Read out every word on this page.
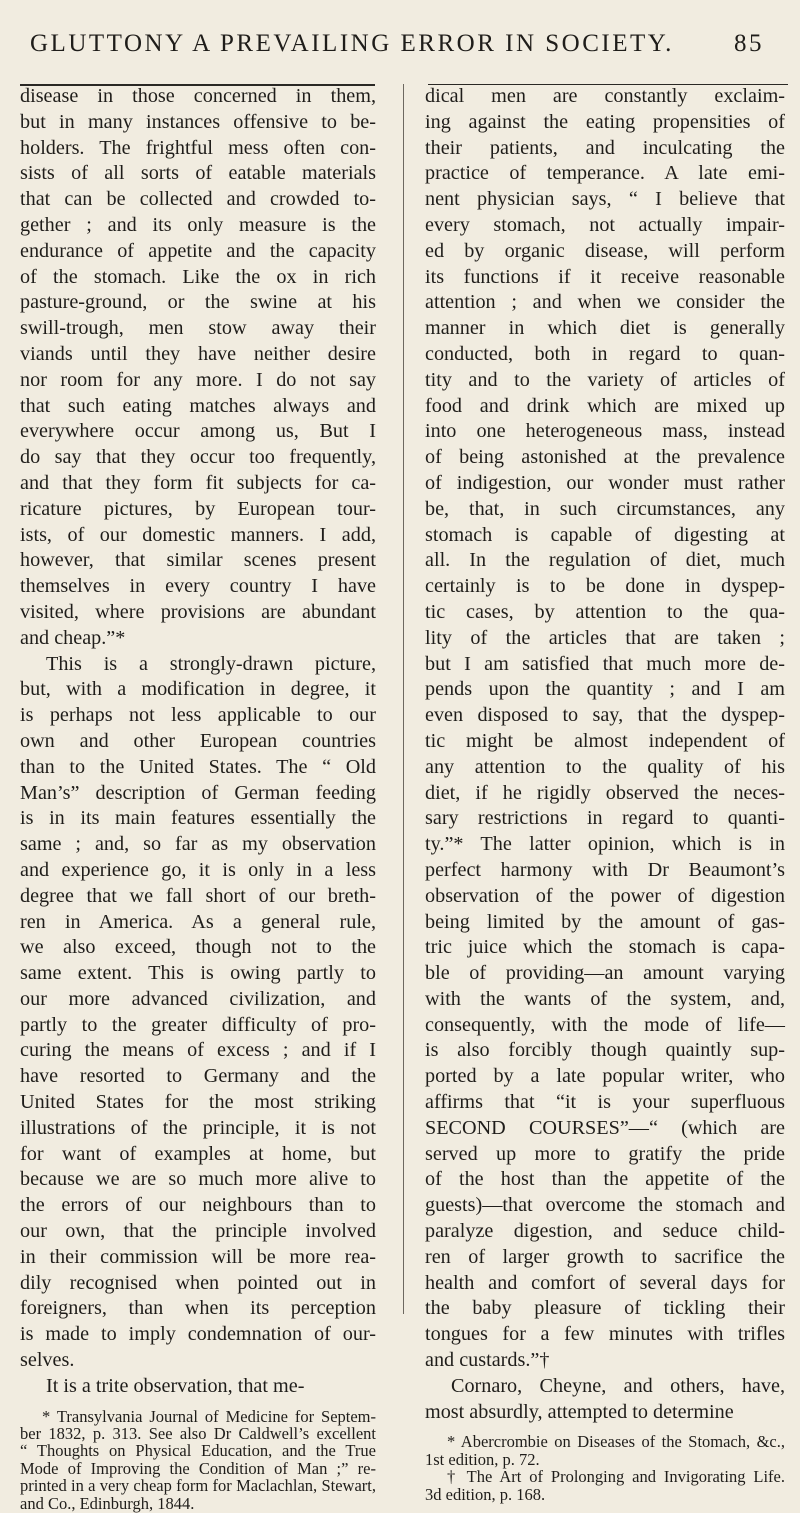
GLUTTONY A PREVAILING ERROR IN SOCIETY. 85
disease in those concerned in them,
but in many instances offensive to be-
holders. The frightful mess often con-
sists of all sorts of eatable materials
that can be collected and crowded to-
gether ; and its only measure is the
endurance of appetite and the capacity
of the stomach. Like the ox in rich
pasture-ground, or the swine at his
swill-trough, men stow away their
viands until they have neither desire
nor room for any more. I do not say
that such eating matches always and
everywhere occur among us, But I
do say that they occur too frequently,
and that they form fit subjects for ca-
ricature pictures, by European tour-
ists, of our domestic manners. I add,
however, that similar scenes present
themselves in every country I have
visited, where provisions are abundant
and cheap.”*
This is a strongly-drawn picture,
but, with a modification in degree, it
is perhaps not less applicable to our
own and other European countries
than to the United States. The “ Old
Man’s” description of German feeding
is in its main features essentially the
same ; and, so far as my observation
and experience go, it is only in a less
degree that we fall short of our breth-
ren in America. As a general rule,
we also exceed, though not to the
same extent. This is owing partly to
our more advanced civilization, and
partly to the greater difficulty of pro-
curing the means of excess ; and if I
have resorted to Germany and the
United States for the most striking
illustrations of the principle, it is not
for want of examples at home, but
because we are so much more alive to
the errors of our neighbours than to
our own, that the principle involved
in their commission will be more rea-
dily recognised when pointed out in
foreigners, than when its perception
is made to imply condemnation of our-
selves.
It is a trite observation, that me-
* Transylvania Journal of Medicine for Septem-
ber 1832, p. 313. See also Dr Caldwell’s excellent
“ Thoughts on Physical Education, and the True
Mode of Improving the Condition of Man ;” re-
printed in a very cheap form for Maclachlan, Stewart,
and Co., Edinburgh, 1844.
dical men are constantly exclaim-
ing against the eating propensities of
their patients, and inculcating the
practice of temperance. A late emi-
nent physician says, “ I believe that
every stomach, not actually impair-
ed by organic disease, will perform
its functions if it receive reasonable
attention ; and when we consider the
manner in which diet is generally
conducted, both in regard to quan-
tity and to the variety of articles of
food and drink which are mixed up
into one heterogeneous mass, instead
of being astonished at the prevalence
of indigestion, our wonder must rather
be, that, in such circumstances, any
stomach is capable of digesting at
all. In the regulation of diet, much
certainly is to be done in dyspep-
tic cases, by attention to the qua-
lity of the articles that are taken ;
but I am satisfied that much more de-
pends upon the quantity ; and I am
even disposed to say, that the dyspep-
tic might be almost independent of
any attention to the quality of his
diet, if he rigidly observed the neces-
sary restrictions in regard to quanti-
ty.”* The latter opinion, which is in
perfect harmony with Dr Beaumont’s
observation of the power of digestion
being limited by the amount of gas-
tric juice which the stomach is capa-
ble of providing—an amount varying
with the wants of the system, and,
consequently, with the mode of life—
is also forcibly though quaintly sup-
ported by a late popular writer, who
affirms that “it is your superfluous
SECOND COURSES”—“ (which are
served up more to gratify the pride
of the host than the appetite of the
guests)—that overcome the stomach and
paralyze digestion, and seduce child-
ren of larger growth to sacrifice the
health and comfort of several days for
the baby pleasure of tickling their
tongues for a few minutes with trifles
and custards.”†
Cornaro, Cheyne, and others, have,
most absurdly, attempted to determine
* Abercrombie on Diseases of the Stomach, &c.,
1st edition, p. 72.
† The Art of Prolonging and Invigorating Life.
3d edition, p. 168.
